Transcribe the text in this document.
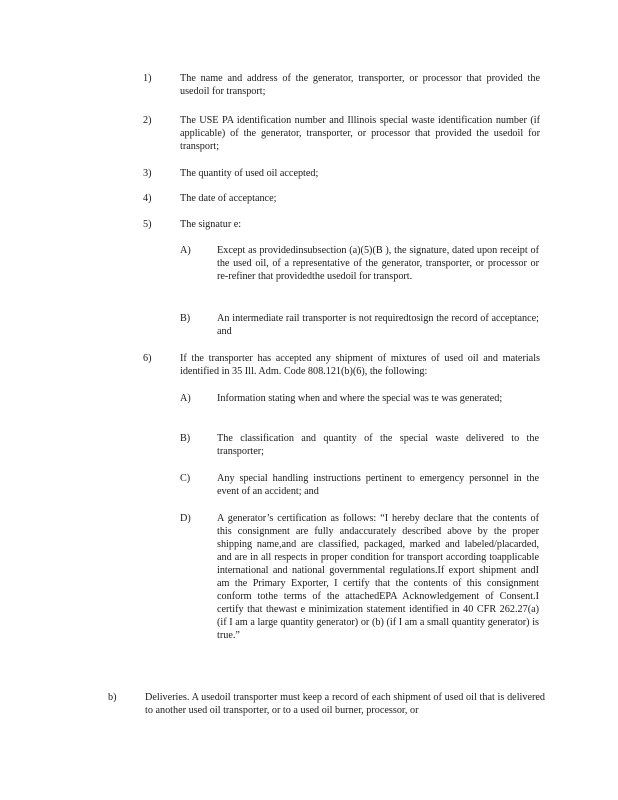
1)	The name and address of the generator, transporter, or processor that provided the usedoil for transport;
2)	The USE PA identification number and Illinois special waste identification number (if applicable) of the generator, transporter, or processor that provided the usedoil for transport;
3)	The quantity of used oil accepted;
4)	The date of acceptance;
5)	The signatur e:
A)	Except as providedinsubsection (a)(5)(B ), the signature, dated upon receipt of the used oil, of a representative of the generator, transporter, or processor or re-refiner that providedthe usedoil for transport.
B)	An intermediate rail transporter is not requiredtosign the record of acceptance; and
6)	If the transporter has accepted any shipment of mixtures of used oil and materials identified in 35 Ill. Adm. Code 808.121(b)(6), the following:
A)	Information stating when and where the special was te was generated;
B)	The classification and quantity of the special waste delivered to the transporter;
C)	Any special handling instructions pertinent to emergency personnel in the event of an accident; and
D)	A generator’s certification as follows: “I hereby declare that the contents of this consignment are fully andaccurately described above by the proper shipping name,and are classified, packaged, marked and labeled/placarded, and are in all respects in proper condition for transport according toapplicable international and national governmental regulations.If export shipment andI am the Primary Exporter, I certify that the contents of this consignment conform tothe terms of the attachedEPA Acknowledgement of Consent.I certify that thewast e minimization statement identified in 40 CFR 262.27(a) (if I am a large quantity generator) or (b) (if I am a small quantity generator) is true.”
b)	Deliveries. A usedoil transporter must keep a record of each shipment of used oil that is delivered to another used oil transporter, or to a used oil burner, processor, or
